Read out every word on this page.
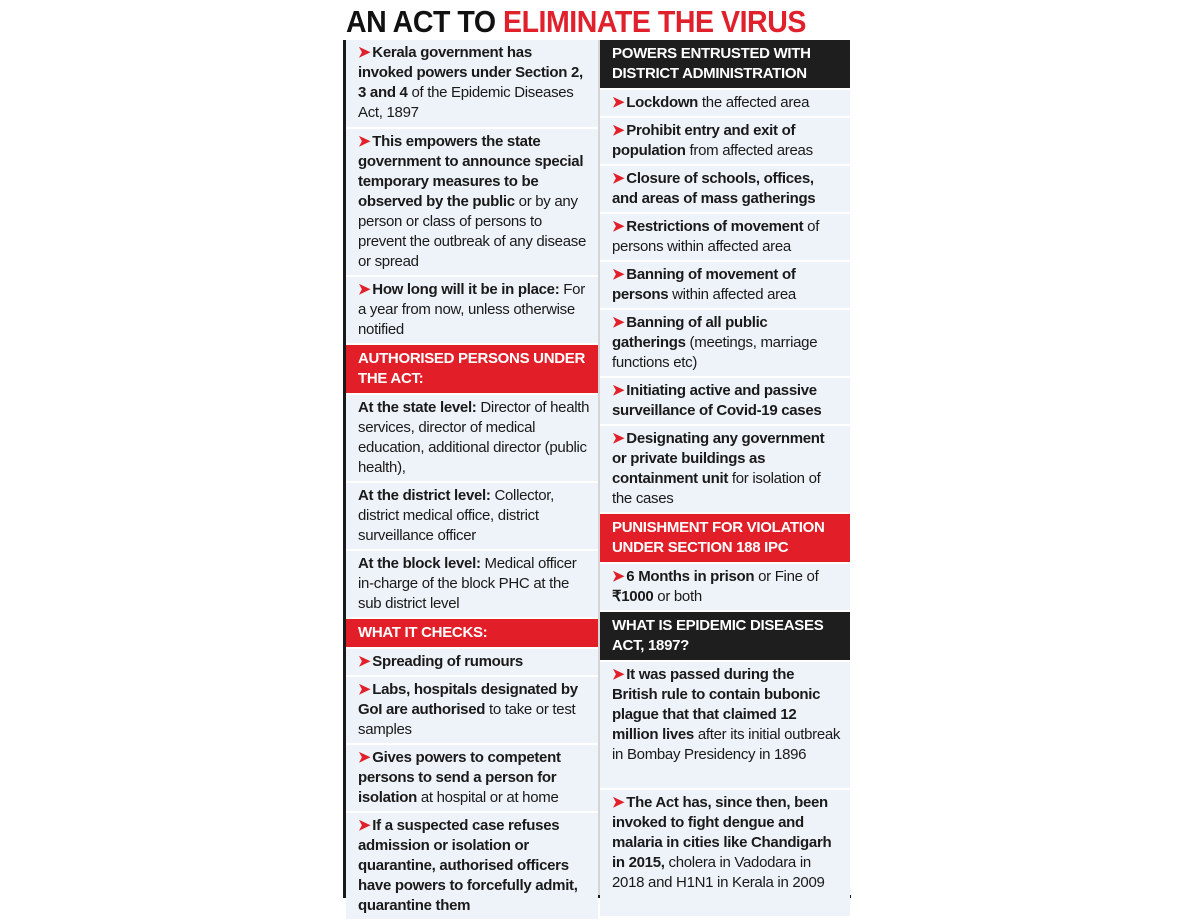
AN ACT TO ELIMINATE THE VIRUS
➤ Kerala government has invoked powers under Section 2, 3 and 4 of the Epidemic Diseases Act, 1897
➤ This empowers the state government to announce special temporary measures to be observed by the public or by any person or class of persons to prevent the outbreak of any disease or spread
➤ How long will it be in place: For a year from now, unless otherwise notified
AUTHORISED PERSONS UNDER THE ACT:
At the state level: Director of health services, director of medical education, additional director (public health),
At the district level: Collector, district medical office, district surveillance officer
At the block level: Medical officer in-charge of the block PHC at the sub district level
WHAT IT CHECKS:
➤ Spreading of rumours
➤ Labs, hospitals designated by GoI are authorised to take or test samples
➤ Gives powers to competent persons to send a person for isolation at hospital or at home
➤ If a suspected case refuses admission or isolation or quarantine, authorised officers have powers to forcefully admit, quarantine them
POWERS ENTRUSTED WITH DISTRICT ADMINISTRATION
➤ Lockdown the affected area
➤ Prohibit entry and exit of population from affected areas
➤ Closure of schools, offices, and areas of mass gatherings
➤ Restrictions of movement of persons within affected area
➤ Banning of movement of persons within affected area
➤ Banning of all public gatherings (meetings, marriage functions etc)
➤ Initiating active and passive surveillance of Covid-19 cases
➤ Designating any government or private buildings as containment unit for isolation of the cases
PUNISHMENT FOR VIOLATION UNDER SECTION 188 IPC
➤ 6 Months in prison or Fine of ₹1000 or both
WHAT IS EPIDEMIC DISEASES ACT, 1897?
➤ It was passed during the British rule to contain bubonic plague that that claimed 12 million lives after its initial outbreak in Bombay Presidency in 1896
➤ The Act has, since then, been invoked to fight dengue and malaria in cities like Chandigarh in 2015, cholera in Vadodara in 2018 and H1N1 in Kerala in 2009
